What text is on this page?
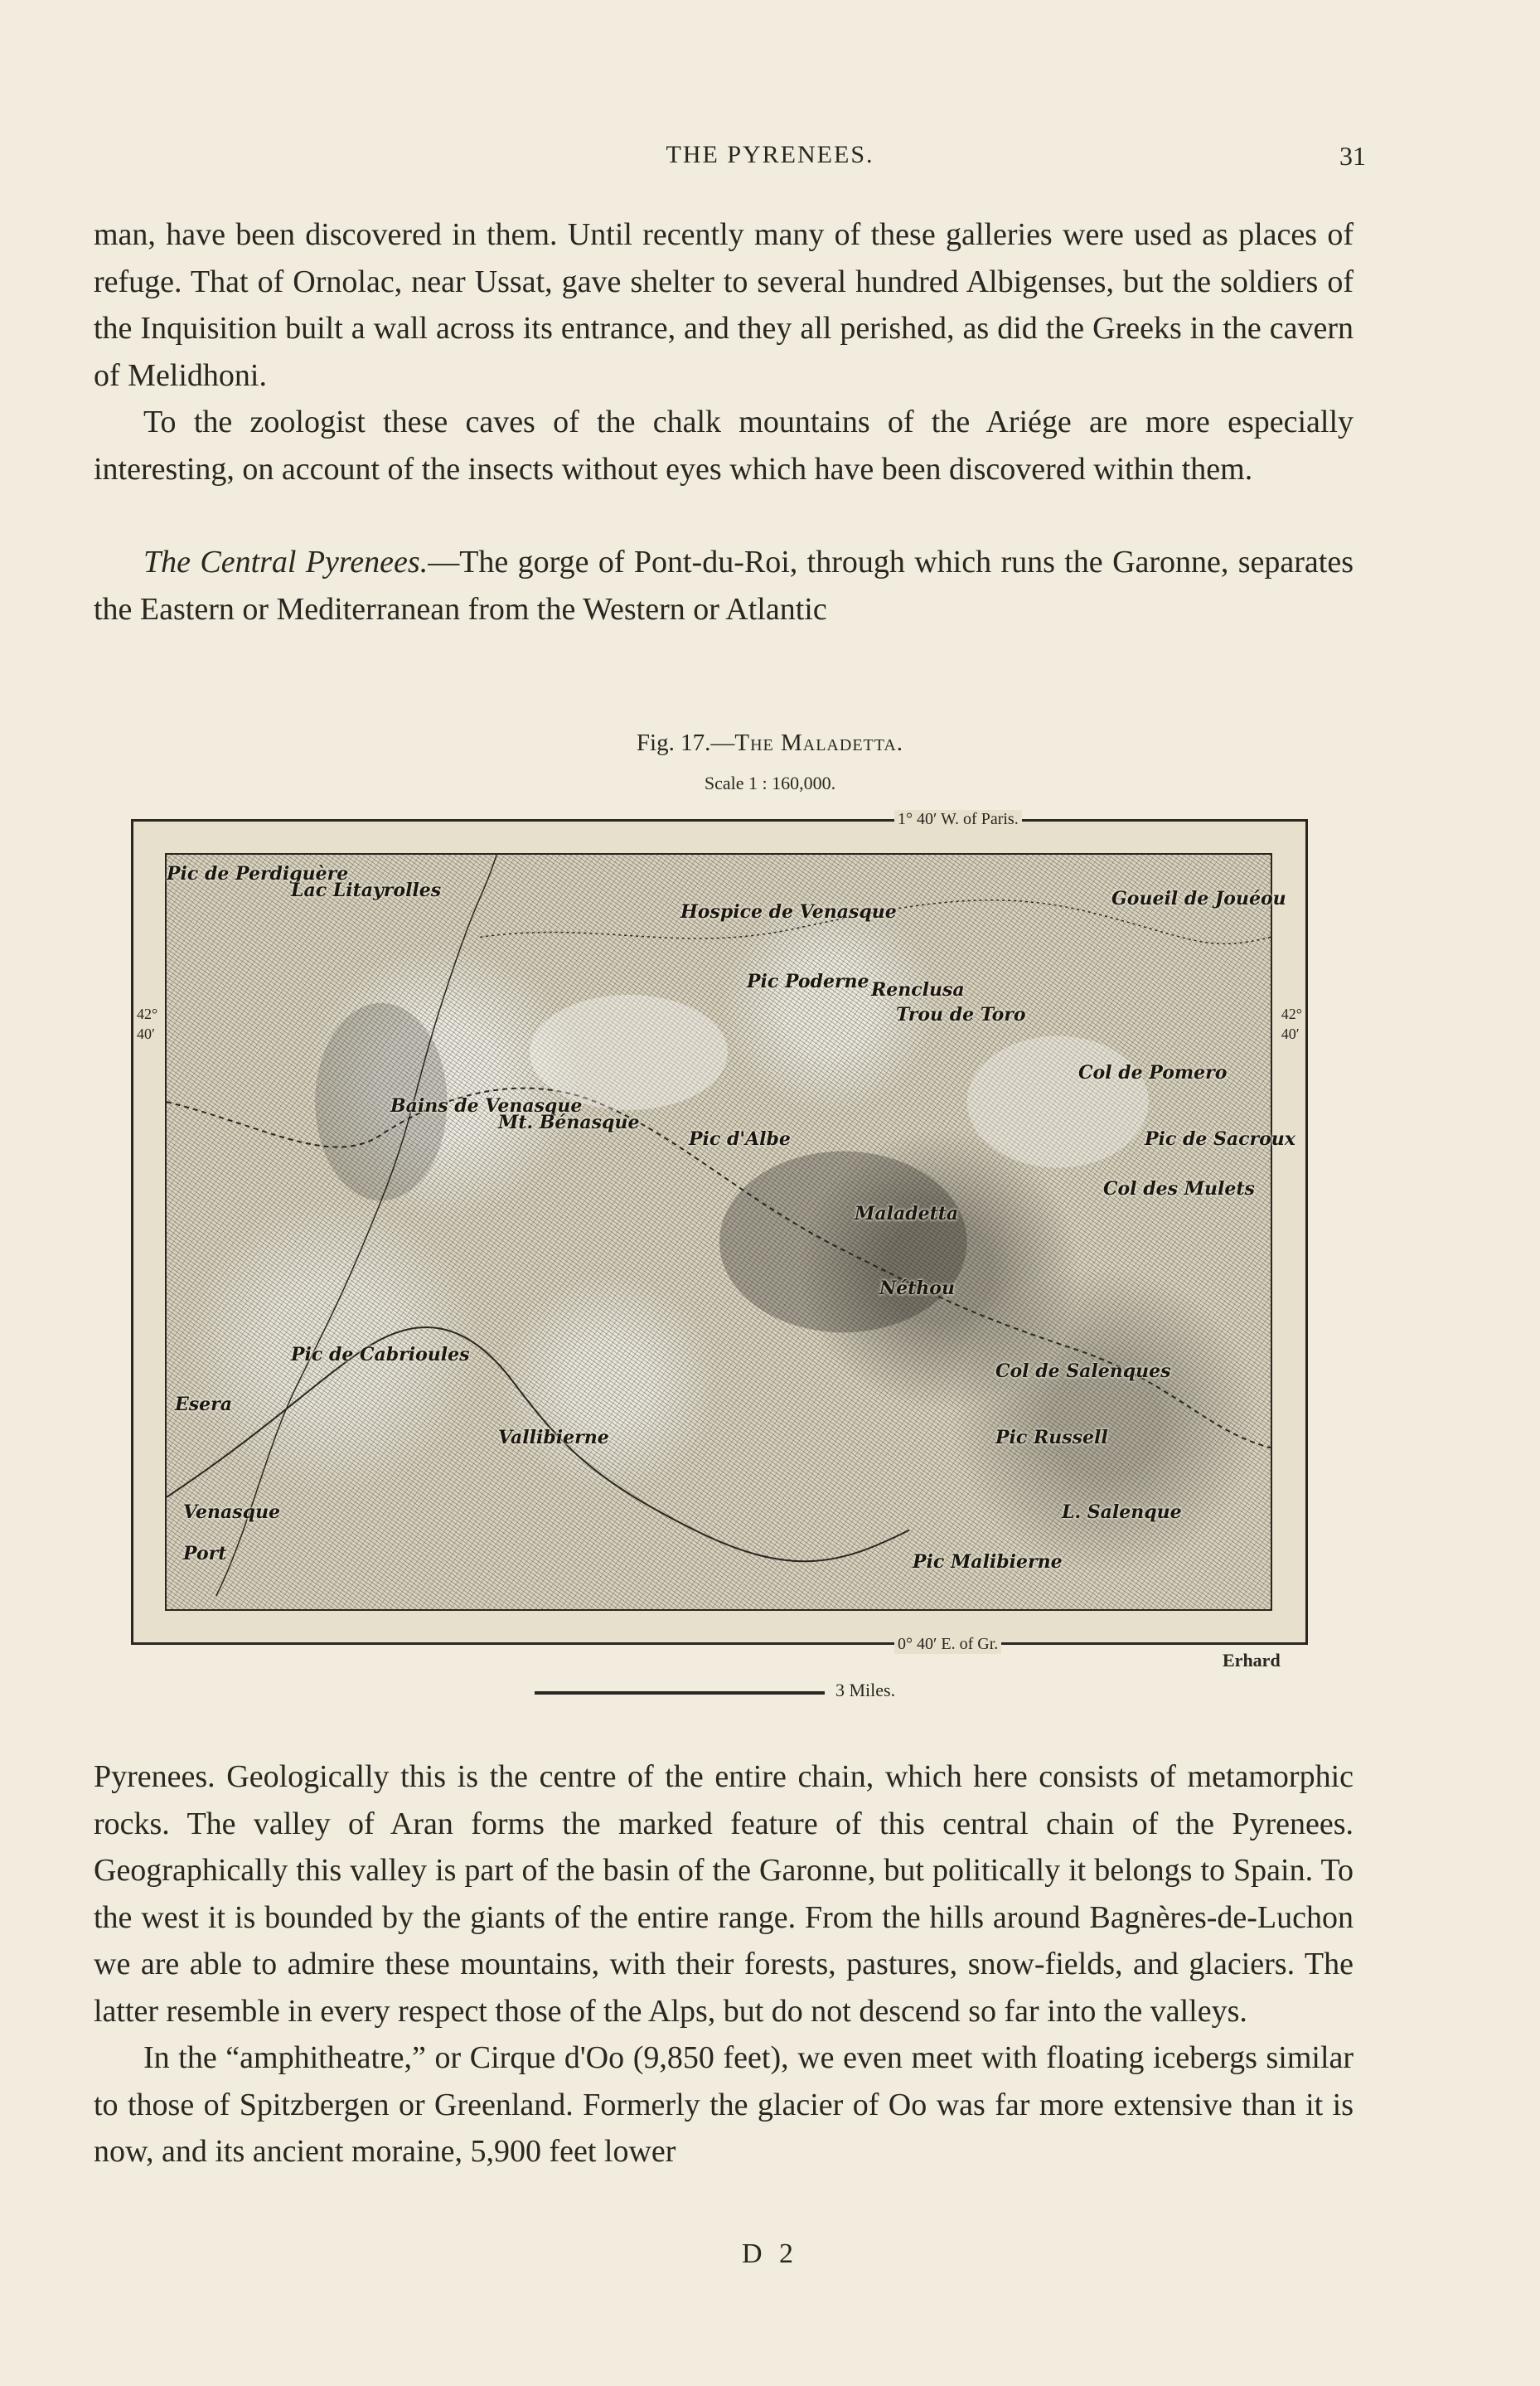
THE PYRENEES.	31

man, have been discovered in them. Until recently many of these galleries were used as places of refuge. That of Ornolac, near Ussat, gave shelter to several hundred Albigenses, but the soldiers of the Inquisition built a wall across its entrance, and they all perished, as did the Greeks in the cavern of Melidhoni.

To the zoologist these caves of the chalk mountains of the Ariége are more especially interesting, on account of the insects without eyes which have been discovered within them.

The Central Pyrenees.—The gorge of Pont-du-Roi, through which runs the Garonne, separates the Eastern or Mediterranean from the Western or Atlantic

Fig. 17.—The Maladetta.
Scale 1 : 160,000.
1° 40′ W. of Paris.
0° 40′ E. of Gr.
42°
40′
42°
40′
Pic de Perdiguère
Lac Litayrolles
Hospice de Venasque
Pic Poderne Renclusa
Trou de Toro
Goueil de Jouéou
Col de Pomero
Pic de Sacroux
Col des Mulets
Bains de Venasque
Mt. Bénasque
Pic d'Albe
Maladetta
Néthou
Vallibierne
Col de Salenques
Pic Russell
Pic de Cabrioules
Venasque	L. Salenque
Pic Malibierne
Esera
Port
Erhard
3 Miles.

Pyrenees. Geologically this is the centre of the entire chain, which here consists of metamorphic rocks. The valley of Aran forms the marked feature of this central chain of the Pyrenees. Geographically this valley is part of the basin of the Garonne, but politically it belongs to Spain. To the west it is bounded by the giants of the entire range. From the hills around Bagnères-de-Luchon we are able to admire these mountains, with their forests, pastures, snow-fields, and glaciers. The latter resemble in every respect those of the Alps, but do not descend so far into the valleys.

In the “amphitheatre,” or Cirque d'Oo (9,850 feet), we even meet with floating icebergs similar to those of Spitzbergen or Greenland. Formerly the glacier of Oo was far more extensive than it is now, and its ancient moraine, 5,900 feet lower

D 2
